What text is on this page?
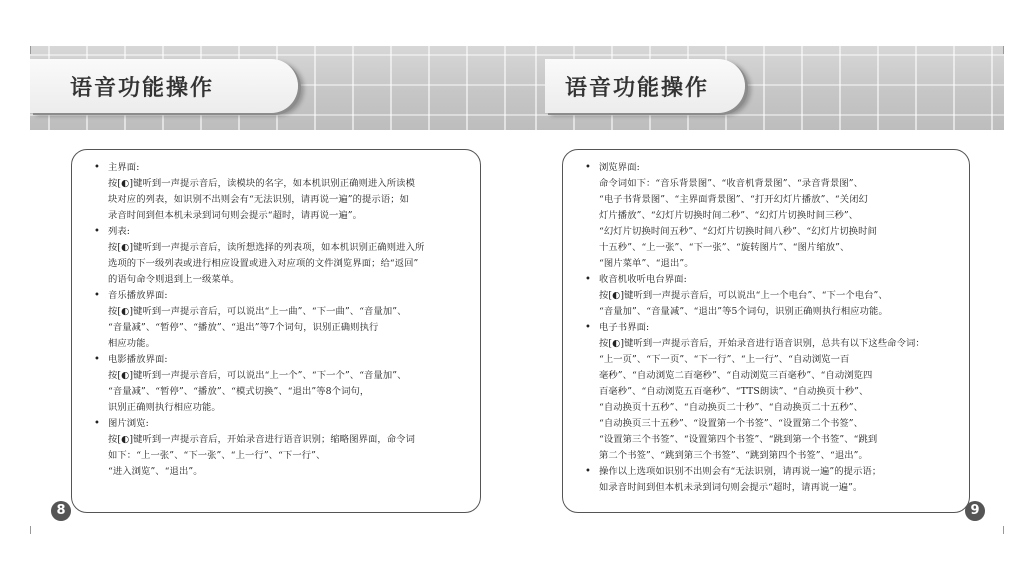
语音功能操作
• 主界面:
按[◐]键听到一声提示音后，读模块的名字，如本机识别正确则进入所读模
块对应的列表，如识别不出则会有“无法识别，请再说一遍”的提示语；如
录音时间到但本机未录到词句则会提示“超时，请再说一遍”。
• 列表:
按[◐]键听到一声提示音后，读所想选择的列表项，如本机识别正确则进入所
选项的下一级列表或进行相应设置或进入对应项的文件浏览界面；给“返回”
的语句命令则退到上一级菜单。
• 音乐播放界面:
按[◐]键听到一声提示音后，可以说出“上一曲”、“下一曲”、“音量加”、
“音量减”、“暂停”、“播放”、“退出”等7个词句，识别正确则执行
相应功能。
• 电影播放界面:
按[◐]键听到一声提示音后，可以说出“上一个”、“下一个”、“音量加”、
“音量减”、“暂停”、“播放”、“模式切换”、“退出”等8个词句，
识别正确则执行相应功能。
• 图片浏览:
按[◐]键听到一声提示音后，开始录音进行语音识别；缩略图界面，命令词
如下：“上一张”、“下一张”、“上一行”、“下一行”、
“进入浏览”、“退出”。
8
语音功能操作
• 浏览界面:
命令词如下：“音乐背景图”、“收音机背景图”、“录音背景图”、
“电子书背景图”、“主界面背景图”、“打开幻灯片播放”、“关闭幻
灯片播放”、“幻灯片切换时间二秒”、“幻灯片切换时间三秒”、
“幻灯片切换时间五秒”、“幻灯片切换时间八秒”、“幻灯片切换时间
十五秒”、“上一张”、“下一张”、“旋转图片”、“图片缩放”、
“图片菜单”、“退出”。
• 收音机收听电台界面:
按[◐]键听到一声提示音后，可以说出“上一个电台”、“下一个电台”、
“音量加”、“音量减”、“退出”等5个词句，识别正确则执行相应功能。
• 电子书界面:
按[◐]键听到一声提示音后，开始录音进行语音识别，总共有以下这些命令词：
“上一页”、“下一页”、“下一行”、“上一行”、“自动浏览一百
毫秒”、“自动浏览二百毫秒”、“自动浏览三百毫秒”、“自动浏览四
百毫秒”、“自动浏览五百毫秒”、“TTS朗读”、“自动换页十秒”、
“自动换页十五秒”、“自动换页二十秒”、“自动换页二十五秒”、
“自动换页三十五秒”、“设置第一个书签”、“设置第二个书签”、
“设置第三个书签”、“设置第四个书签”、“跳到第一个书签”、“跳到
第二个书签”、“跳到第三个书签”、“跳到第四个书签”、“退出”。
• 操作以上选项如识别不出则会有“无法识别，请再说一遍”的提示语；
如录音时间到但本机未录到词句则会提示“超时，请再说一遍”。
9
